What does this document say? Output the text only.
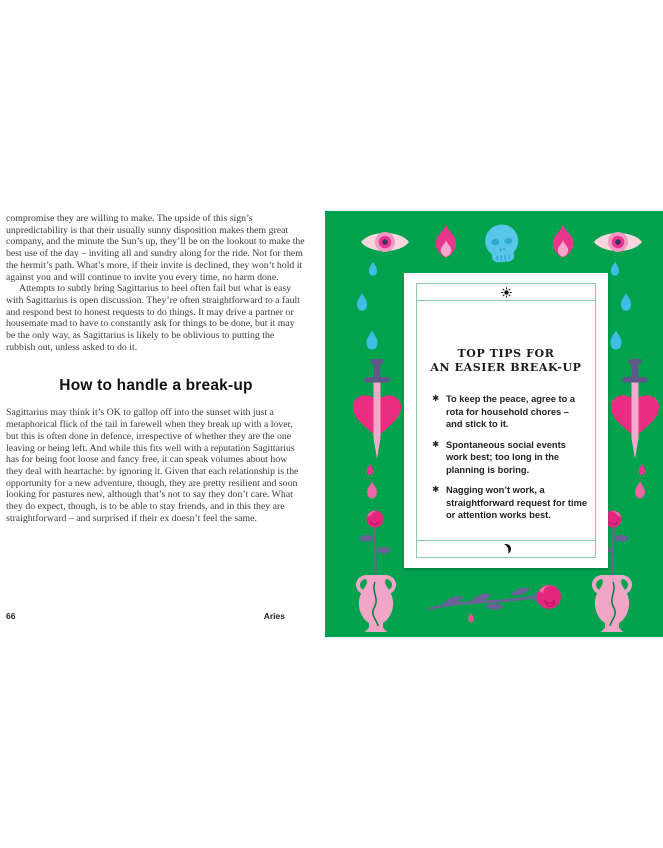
compromise they are willing to make. The upside of this sign’s unpredictability is that their usually sunny disposition makes them great company, and the minute the Sun’s up, they’ll be on the lookout to make the best use of the day – inviting all and sundry along for the ride. Not for them the hermit’s path. What’s more, if their invite is declined, they won’t hold it against you and will continue to invite you every time, no harm done.

Attempts to subtly bring Sagittarius to heel often fail but what is easy with Sagittarius is open discussion. They’re often straightforward to a fault and respond best to honest requests to do things. It may drive a partner or housemate mad to have to constantly ask for things to be done, but it may be the only way, as Sagittarius is likely to be oblivious to putting the rubbish out, unless asked to do it.

How to handle a break-up

Sagittarius may think it’s OK to gallop off into the sunset with just a metaphorical flick of the tail in farewell when they break up with a lover, but this is often done in defence, irrespective of whether they are the one leaving or being left. And while this fits well with a reputation Sagittarius has for being foot loose and fancy free, it can speak volumes about how they deal with heartache: by ignoring it. Given that each relationship is the opportunity for a new adventure, though, they are pretty resilient and soon looking for pastures new, although that’s not to say they don’t care. What they do expect, though, is to be able to stay friends, and in this they are straightforward – and surprised if their ex doesn’t feel the same.

66	Aries
TOP TIPS FOR
AN EASIER BREAK-UP
✱ To keep the peace, agree to a rota for household chores – and stick to it.
✱ Spontaneous social events work best; too long in the planning is boring.
✱ Nagging won’t work, a straightforward request for time or attention works best.
